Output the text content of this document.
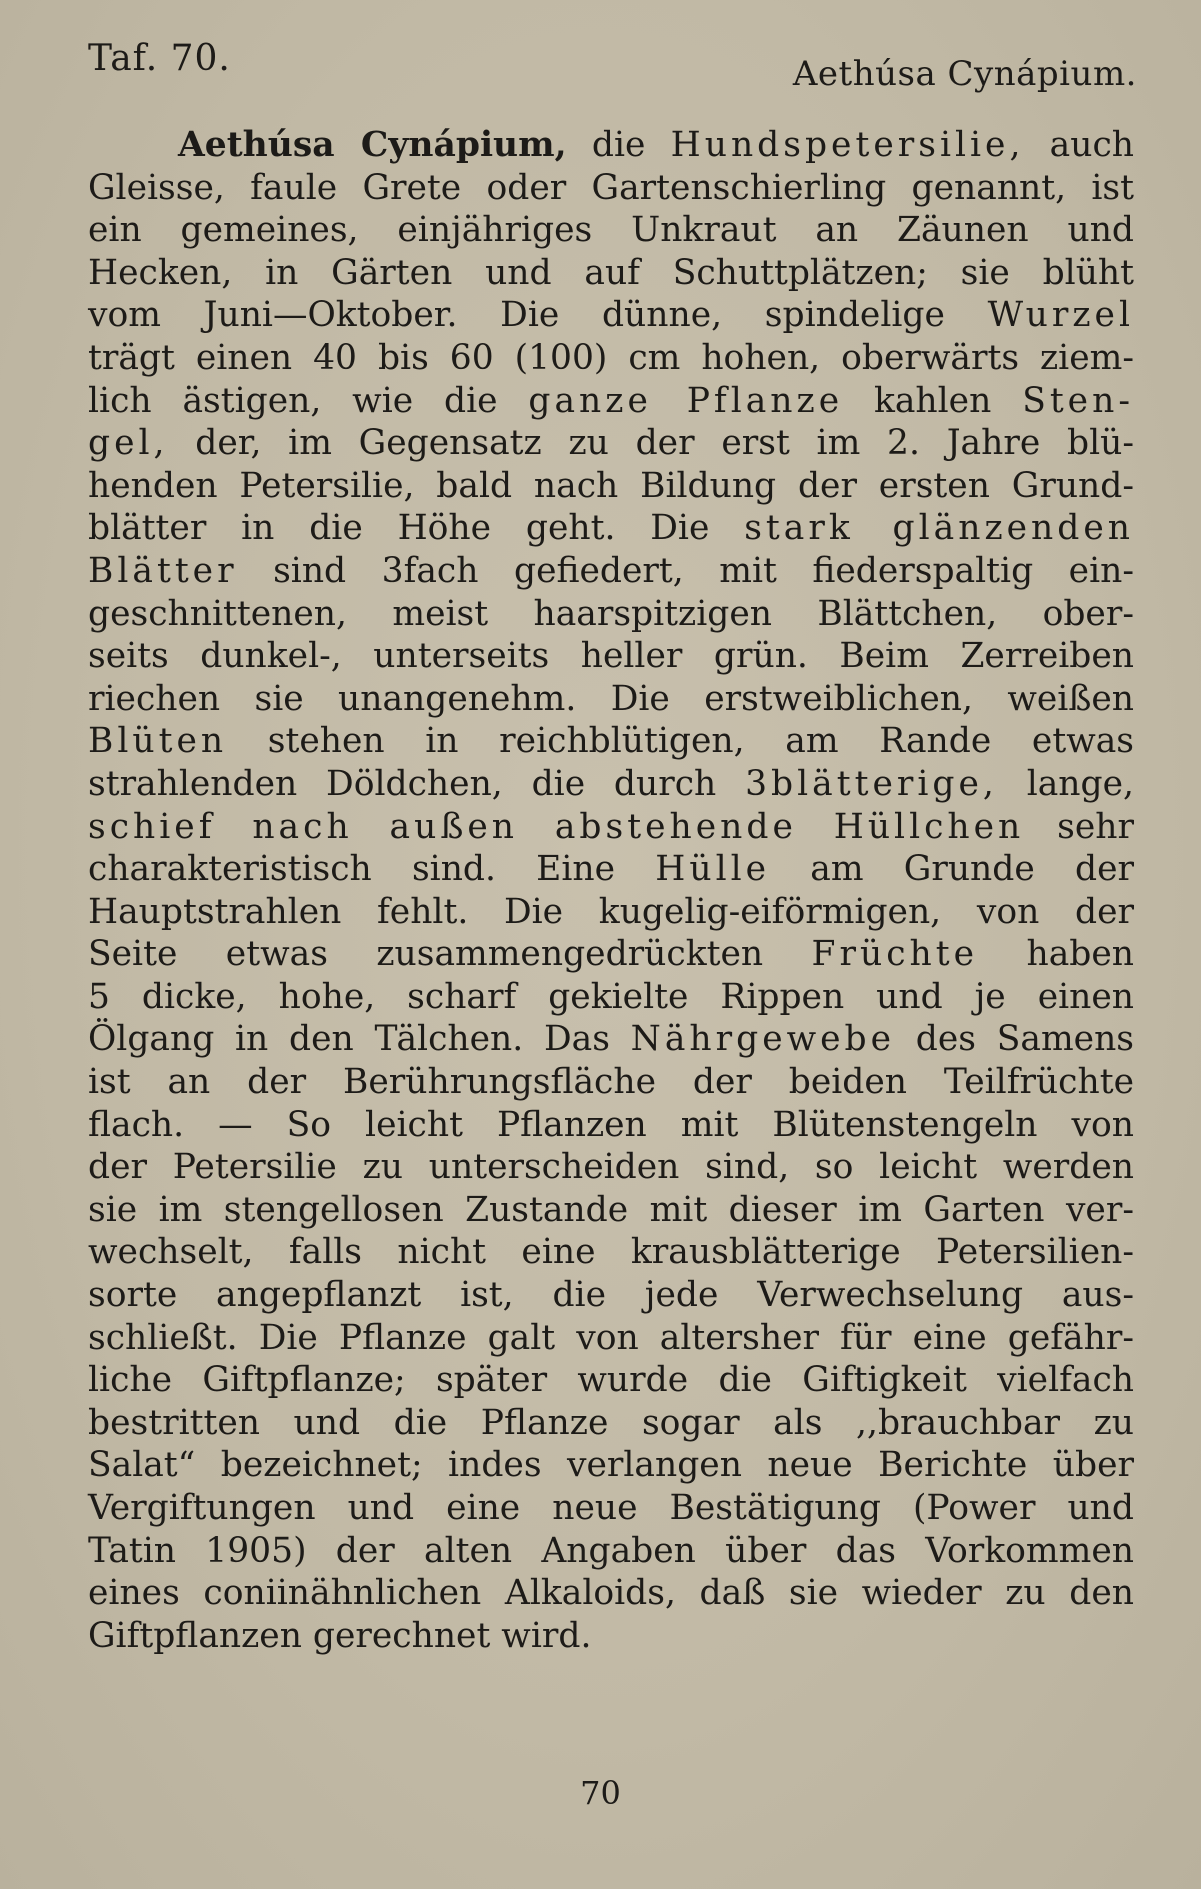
Taf. 70.	Aethúsa Cynápium.
Aethúsa Cynápium, die Hundspetersilie, auch
Gleisse, faule Grete oder Gartenschierling genannt, ist
ein gemeines, einjähriges Unkraut an Zäunen und
Hecken, in Gärten und auf Schuttplätzen; sie blüht
vom Juni—Oktober. Die dünne, spindelige Wurzel
trägt einen 40 bis 60 (100) cm hohen, oberwärts ziem-
lich ästigen, wie die ganze Pflanze kahlen Sten-
gel, der, im Gegensatz zu der erst im 2. Jahre blü-
henden Petersilie, bald nach Bildung der ersten Grund-
blätter in die Höhe geht. Die stark glänzenden
Blätter sind 3fach gefiedert, mit fiederspaltig ein-
geschnittenen, meist haarspitzigen Blättchen, ober-
seits dunkel-, unterseits heller grün. Beim Zerreiben
riechen sie unangenehm. Die erstweiblichen, weißen
Blüten stehen in reichblütigen, am Rande etwas
strahlenden Döldchen, die durch 3blätterige, lange,
schief nach außen abstehende Hüllchen sehr
charakteristisch sind. Eine Hülle am Grunde der
Hauptstrahlen fehlt. Die kugelig-eiförmigen, von der
Seite etwas zusammengedrückten Früchte haben
5 dicke, hohe, scharf gekielte Rippen und je einen
Ölgang in den Tälchen. Das Nährgewebe des Samens
ist an der Berührungsfläche der beiden Teilfrüchte
flach. — So leicht Pflanzen mit Blütenstengeln von
der Petersilie zu unterscheiden sind, so leicht werden
sie im stengellosen Zustande mit dieser im Garten ver-
wechselt, falls nicht eine krausblätterige Petersilien-
sorte angepflanzt ist, die jede Verwechselung aus-
schließt. Die Pflanze galt von altersher für eine gefähr-
liche Giftpflanze; später wurde die Giftigkeit vielfach
bestritten und die Pflanze sogar als ,,brauchbar zu
Salat“ bezeichnet; indes verlangen neue Berichte über
Vergiftungen und eine neue Bestätigung (Power und
Tatin 1905) der alten Angaben über das Vorkommen
eines coniinähnlichen Alkaloids, daß sie wieder zu den
Giftpflanzen gerechnet wird.
70
